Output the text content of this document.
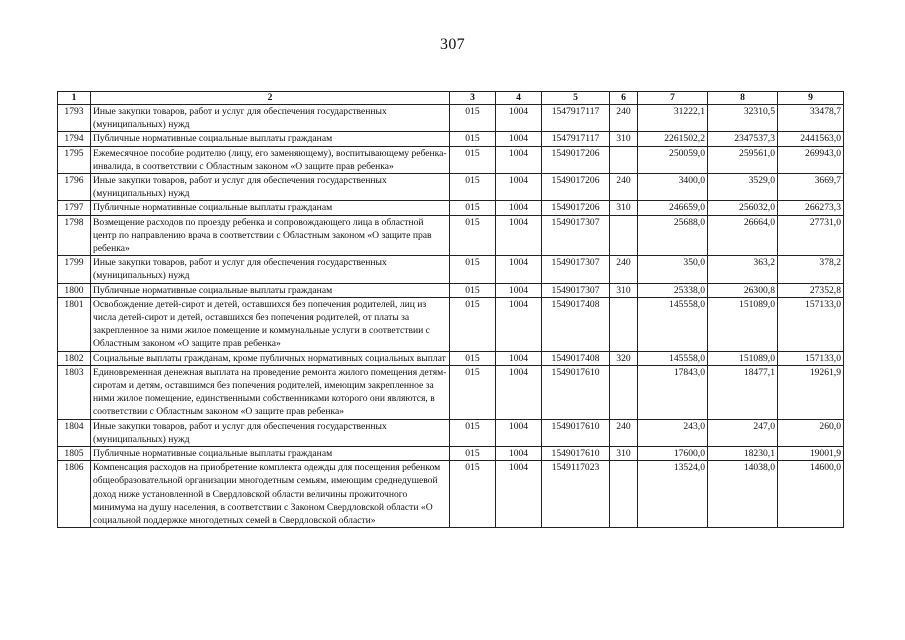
307
1	2	3	4	5	6	7	8	9
1793	Иные закупки товаров, работ и услуг для обеспечения государственных (муниципальных) нужд	015	1004	1547917117	240	31222,1	32310,5	33478,7
1794	Публичные нормативные социальные выплаты гражданам	015	1004	1547917117	310	2261502,2	2347537,3	2441563,0
1795	Ежемесячное пособие родителю (лицу, его заменяющему), воспитывающему ребенка-инвалида, в соответствии с Областным законом «О защите прав ребенка»	015	1004	1549017206		250059,0	259561,0	269943,0
1796	Иные закупки товаров, работ и услуг для обеспечения государственных (муниципальных) нужд	015	1004	1549017206	240	3400,0	3529,0	3669,7
1797	Публичные нормативные социальные выплаты гражданам	015	1004	1549017206	310	246659,0	256032,0	266273,3
1798	Возмещение расходов по проезду ребенка и сопровождающего лица в областной центр по направлению врача в соответствии с Областным законом «О защите прав ребенка»	015	1004	1549017307		25688,0	26664,0	27731,0
1799	Иные закупки товаров, работ и услуг для обеспечения государственных (муниципальных) нужд	015	1004	1549017307	240	350,0	363,2	378,2
1800	Публичные нормативные социальные выплаты гражданам	015	1004	1549017307	310	25338,0	26300,8	27352,8
1801	Освобождение детей-сирот и детей, оставшихся без попечения родителей, лиц из числа детей-сирот и детей, оставшихся без попечения родителей, от платы за закрепленное за ними жилое помещение и коммунальные услуги в соответствии с Областным законом «О защите прав ребенка»	015	1004	1549017408		145558,0	151089,0	157133,0
1802	Социальные выплаты гражданам, кроме публичных нормативных социальных выплат	015	1004	1549017408	320	145558,0	151089,0	157133,0
1803	Единовременная денежная выплата на проведение ремонта жилого помещения детям-сиротам и детям, оставшимся без попечения родителей, имеющим закрепленное за ними жилое помещение, единственными собственниками которого они являются, в соответствии с Областным законом «О защите прав ребенка»	015	1004	1549017610		17843,0	18477,1	19261,9
1804	Иные закупки товаров, работ и услуг для обеспечения государственных (муниципальных) нужд	015	1004	1549017610	240	243,0	247,0	260,0
1805	Публичные нормативные социальные выплаты гражданам	015	1004	1549017610	310	17600,0	18230,1	19001,9
1806	Компенсация расходов на приобретение комплекта одежды для посещения ребенком общеобразовательной организации многодетным семьям, имеющим среднедушевой доход ниже установленной в Свердловской области величины прожиточного минимума на душу населения, в соответствии с Законом Свердловской области «О социальной поддержке многодетных семей в Свердловской области»	015	1004	1549117023		13524,0	14038,0	14600,0
